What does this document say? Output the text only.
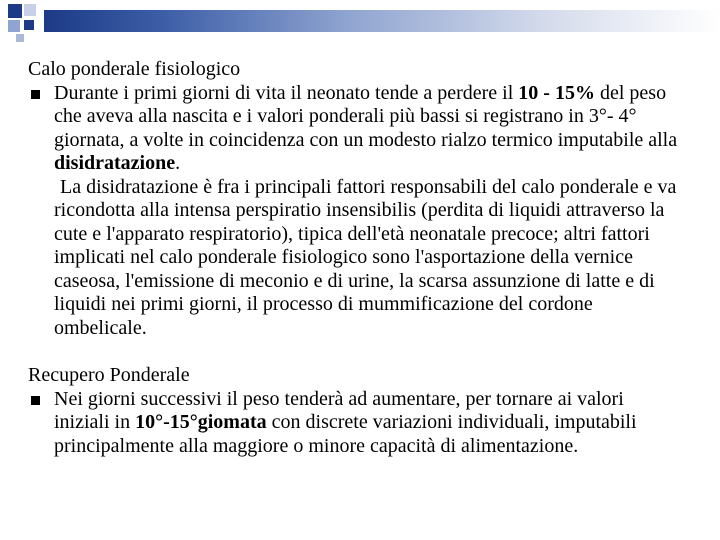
Calo ponderale fisiologico

Durante i primi giorni di vita il neonato tende a perdere il 10 - 15% del peso che aveva alla nascita e i valori ponderali più bassi si registrano in 3°- 4° giornata, a volte in coincidenza con un modesto rialzo termico imputabile alla disidratazione.

La disidratazione è fra i principali fattori responsabili del calo ponderale e va ricondotta alla intensa perspiratio insensibilis (perdita di liquidi attraverso la cute e l'apparato respiratorio), tipica dell'età neonatale precoce; altri fattori implicati nel calo ponderale fisiologico sono l'asportazione della vernice caseosa, l'emissione di meconio e di urine, la scarsa assunzione di latte e di liquidi nei primi giorni, il processo di mummificazione del cordone ombelicale.

Recupero Ponderale

Nei giorni successivi il peso tenderà ad aumentare, per tornare ai valori iniziali in 10°-15°giomata con discrete variazioni individuali, imputabili principalmente alla maggiore o minore capacità di alimentazione.
